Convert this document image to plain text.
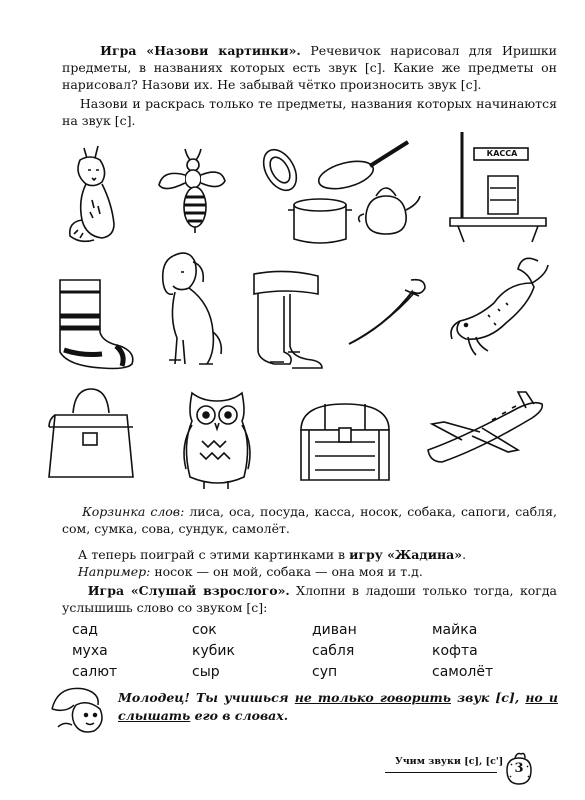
Игра «Назови картинки». Речевичок нарисовал для Иришки предметы, в названиях которых есть звук [с]. Какие же предметы он нарисовал? Назови их. Не забывай чётко произносить звук [с].

Назови и раскрась только те предметы, названия которых начинаются на звук [с].

КАССА

Корзинка слов: лиса, оса, посуда, касса, носок, собака, сапоги, сабля, сом, сумка, сова, сундук, самолёт.

А теперь поиграй с этими картинками в игру «Жадина».
Например: носок — он мой, собака — она моя и т.д.

Игра «Слушай взрослого». Хлопни в ладоши только тогда, когда услышишь слово со звуком [с]:

сад	сок	диван	майка
муха	кубик	сабля	кофта
салют	сыр	суп	самолёт

Молодец! Ты учишься не только говорить звук [с], но и слышать его в словах.

Учим звуки [с], [с'] 3
